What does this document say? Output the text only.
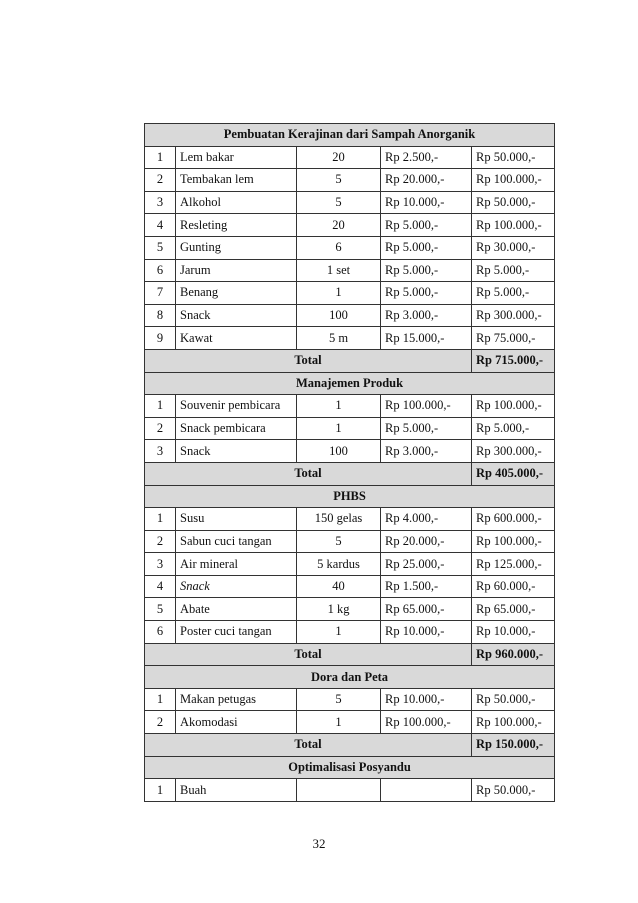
Pembuatan Kerajinan dari Sampah Anorganik				
1	Lem bakar	20	Rp 2.500,-	Rp 50.000,-
2	Tembakan lem	5	Rp 20.000,-	Rp 100.000,-
3	Alkohol	5	Rp 10.000,-	Rp 50.000,-
4	Resleting	20	Rp 5.000,-	Rp 100.000,-
5	Gunting	6	Rp 5.000,-	Rp 30.000,-
6	Jarum	1 set	Rp 5.000,-	Rp 5.000,-
7	Benang	1	Rp 5.000,-	Rp 5.000,-
8	Snack	100	Rp 3.000,-	Rp 300.000,-
9	Kawat	5 m	Rp 15.000,-	Rp 75.000,-
Total				Rp 715.000,-
Manajemen Produk				
1	Souvenir pembicara	1	Rp 100.000,-	Rp 100.000,-
2	Snack pembicara	1	Rp 5.000,-	Rp 5.000,-
3	Snack	100	Rp 3.000,-	Rp 300.000,-
Total				Rp 405.000,-
PHBS				
1	Susu	150 gelas	Rp 4.000,-	Rp 600.000,-
2	Sabun cuci tangan	5	Rp 20.000,-	Rp 100.000,-
3	Air mineral	5 kardus	Rp 25.000,-	Rp 125.000,-
4	Snack	40	Rp 1.500,-	Rp 60.000,-
5	Abate	1 kg	Rp 65.000,-	Rp 65.000,-
6	Poster cuci tangan	1	Rp 10.000,-	Rp 10.000,-
Total				Rp 960.000,-
Dora dan Peta				
1	Makan petugas	5	Rp 10.000,-	Rp 50.000,-
2	Akomodasi	1	Rp 100.000,-	Rp 100.000,-
Total				Rp 150.000,-
Optimalisasi Posyandu				
1	Buah			Rp 50.000,-
32
